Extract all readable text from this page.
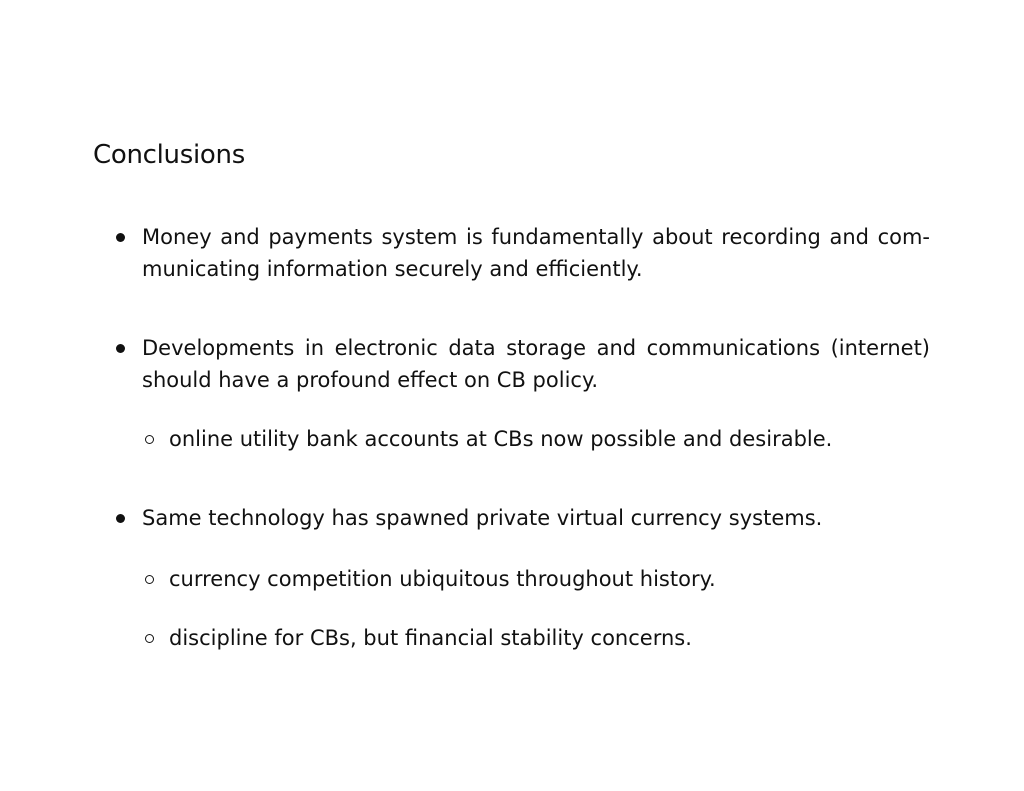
Conclusions
Money and payments system is fundamentally about recording and com-
municating information securely and efficiently.
Developments in electronic data storage and communications (internet)
should have a profound effect on CB policy.
online utility bank accounts at CBs now possible and desirable.
Same technology has spawned private virtual currency systems.
currency competition ubiquitous throughout history.
discipline for CBs, but financial stability concerns.
